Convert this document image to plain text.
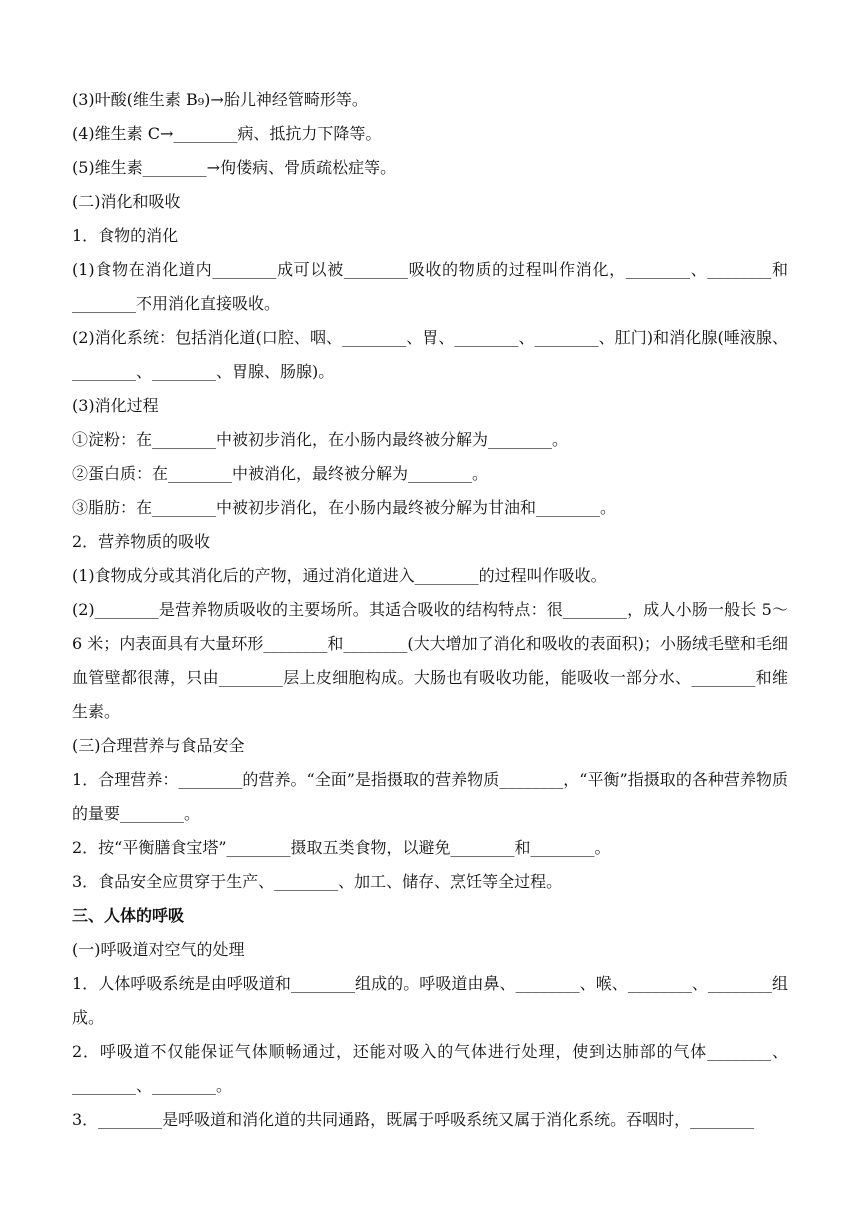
(3)叶酸(维生素 B₉)→胎儿神经管畸形等。
(4)维生素 C→________病、抵抗力下降等。
(5)维生素________→佝偻病、骨质疏松症等。
(二)消化和吸收
1．食物的消化
(1)食物在消化道内________成可以被________吸收的物质的过程叫作消化，________、________和________不用消化直接吸收。
(2)消化系统：包括消化道(口腔、咽、________、胃、________、________、肛门)和消化腺(唾液腺、________、________、胃腺、肠腺)。
(3)消化过程
①淀粉：在________中被初步消化，在小肠内最终被分解为________。
②蛋白质：在________中被消化，最终被分解为________。
③脂肪：在________中被初步消化，在小肠内最终被分解为甘油和________。
2．营养物质的吸收
(1)食物成分或其消化后的产物，通过消化道进入________的过程叫作吸收。
(2)________是营养物质吸收的主要场所。其适合吸收的结构特点：很________，成人小肠一般长 5～6 米；内表面具有大量环形________和________(大大增加了消化和吸收的表面积)；小肠绒毛壁和毛细血管壁都很薄，只由________层上皮细胞构成。大肠也有吸收功能，能吸收一部分水、________和维生素。
(三)合理营养与食品安全
1．合理营养：________的营养。“全面”是指摄取的营养物质________，“平衡”指摄取的各种营养物质的量要________。
2．按“平衡膳食宝塔”________摄取五类食物，以避免________和________。
3．食品安全应贯穿于生产、________、加工、储存、烹饪等全过程。
三、人体的呼吸
(一)呼吸道对空气的处理
1．人体呼吸系统是由呼吸道和________组成的。呼吸道由鼻、________、喉、________、________组成。
2．呼吸道不仅能保证气体顺畅通过，还能对吸入的气体进行处理，使到达肺部的气体________、________、________。
3．________是呼吸道和消化道的共同通路，既属于呼吸系统又属于消化系统。吞咽时，________
